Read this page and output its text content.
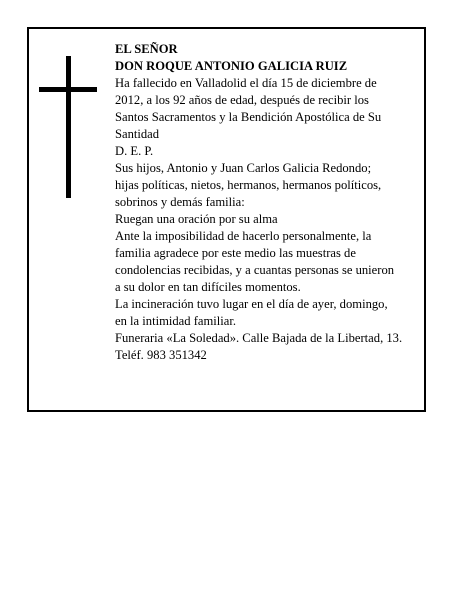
EL SEÑOR
DON ROQUE ANTONIO GALICIA RUIZ
Ha fallecido en Valladolid el día 15 de diciembre de
2012, a los 92 años de edad, después de recibir los
Santos Sacramentos y la Bendición Apostólica de Su
Santidad
D. E. P.
Sus hijos, Antonio y Juan Carlos Galicia Redondo;
hijas políticas, nietos, hermanos, hermanos políticos,
sobrinos y demás familia:
Ruegan una oración por su alma
Ante la imposibilidad de hacerlo personalmente, la
familia agradece por este medio las muestras de
condolencias recibidas, y a cuantas personas se unieron
a su dolor en tan difíciles momentos.
La incineración tuvo lugar en el día de ayer, domingo,
en la intimidad familiar.
Funeraria «La Soledad». Calle Bajada de la Libertad, 13.
Teléf. 983 351342
